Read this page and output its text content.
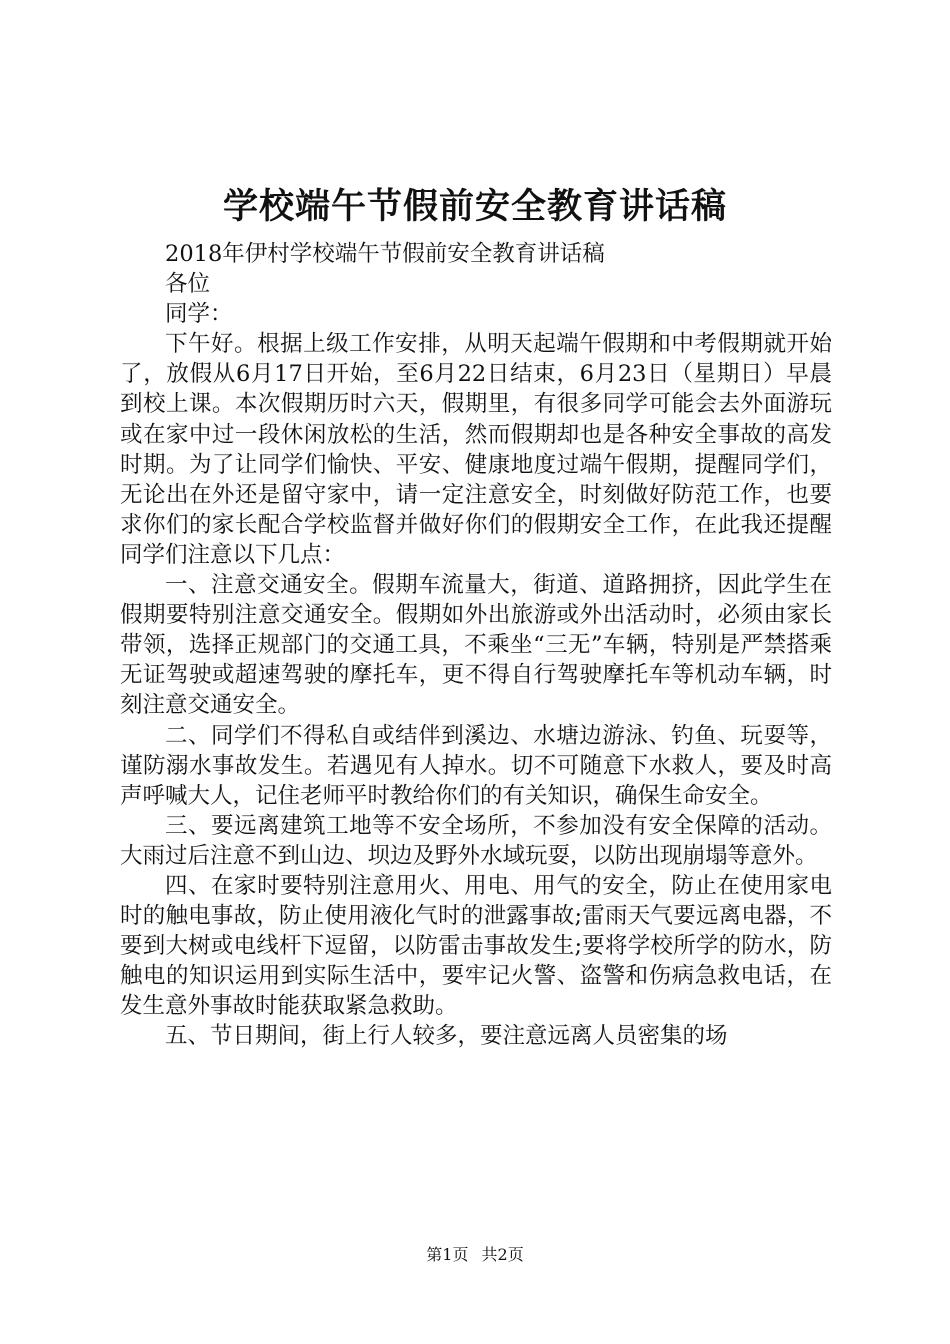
学校端午节假前安全教育讲话稿

2018年伊村学校端午节假前安全教育讲话稿

各位

同学：

下午好。根据上级工作安排，从明天起端午假期和中考假期就开始了，放假从6月17日开始，至6月22日结束，6月23日（星期日）早晨到校上课。本次假期历时六天，假期里，有很多同学可能会去外面游玩或在家中过一段休闲放松的生活，然而假期却也是各种安全事故的高发时期。为了让同学们愉快、平安、健康地度过端午假期，提醒同学们，无论出在外还是留守家中，请一定注意安全，时刻做好防范工作，也要求你们的家长配合学校监督并做好你们的假期安全工作，在此我还提醒同学们注意以下几点：

一、注意交通安全。假期车流量大，街道、道路拥挤，因此学生在假期要特别注意交通安全。假期如外出旅游或外出活动时，必须由家长带领，选择正规部门的交通工具，不乘坐“三无”车辆，特别是严禁搭乘无证驾驶或超速驾驶的摩托车，更不得自行驾驶摩托车等机动车辆，时刻注意交通安全。

二、同学们不得私自或结伴到溪边、水塘边游泳、钓鱼、玩耍等，谨防溺水事故发生。若遇见有人掉水。切不可随意下水救人，要及时高声呼喊大人，记住老师平时教给你们的有关知识，确保生命安全。

三、要远离建筑工地等不安全场所，不参加没有安全保障的活动。大雨过后注意不到山边、坝边及野外水域玩耍，以防出现崩塌等意外。

四、在家时要特别注意用火、用电、用气的安全，防止在使用家电时的触电事故，防止使用液化气时的泄露事故;雷雨天气要远离电器，不要到大树或电线杆下逗留，以防雷击事故发生;要将学校所学的防水，防触电的知识运用到实际生活中，要牢记火警、盗警和伤病急救电话，在发生意外事故时能获取紧急救助。

五、节日期间，街上行人较多，要注意远离人员密集的场

第1页 共2页
